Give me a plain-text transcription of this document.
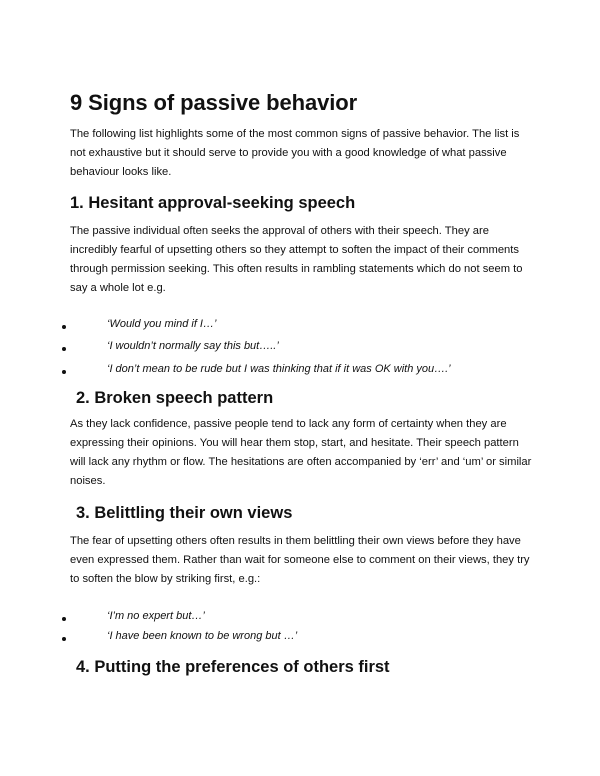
9 Signs of passive behavior

The following list highlights some of the most common signs of passive behavior. The list is not exhaustive but it should serve to provide you with a good knowledge of what passive behaviour looks like.

1. Hesitant approval-seeking speech

The passive individual often seeks the approval of others with their speech. They are incredibly fearful of upsetting others so they attempt to soften the impact of their comments through permission seeking. This often results in rambling statements which do not seem to say a whole lot e.g.

‘Would you mind if I…’
‘I wouldn’t normally say this but…..’
‘I don’t mean to be rude but I was thinking that if it was OK with you….’
2. Broken speech pattern

As they lack confidence, passive people tend to lack any form of certainty when they are expressing their opinions. You will hear them stop, start, and hesitate. Their speech pattern will lack any rhythm or flow. The hesitations are often accompanied by ‘err’ and ‘um’ or similar noises.

3. Belittling their own views

The fear of upsetting others often results in them belittling their own views before they have even expressed them. Rather than wait for someone else to comment on their views, they try to soften the blow by striking first, e.g.:

‘I’m no expert but…’
‘I have been known to be wrong but …’
4. Putting the preferences of others first
